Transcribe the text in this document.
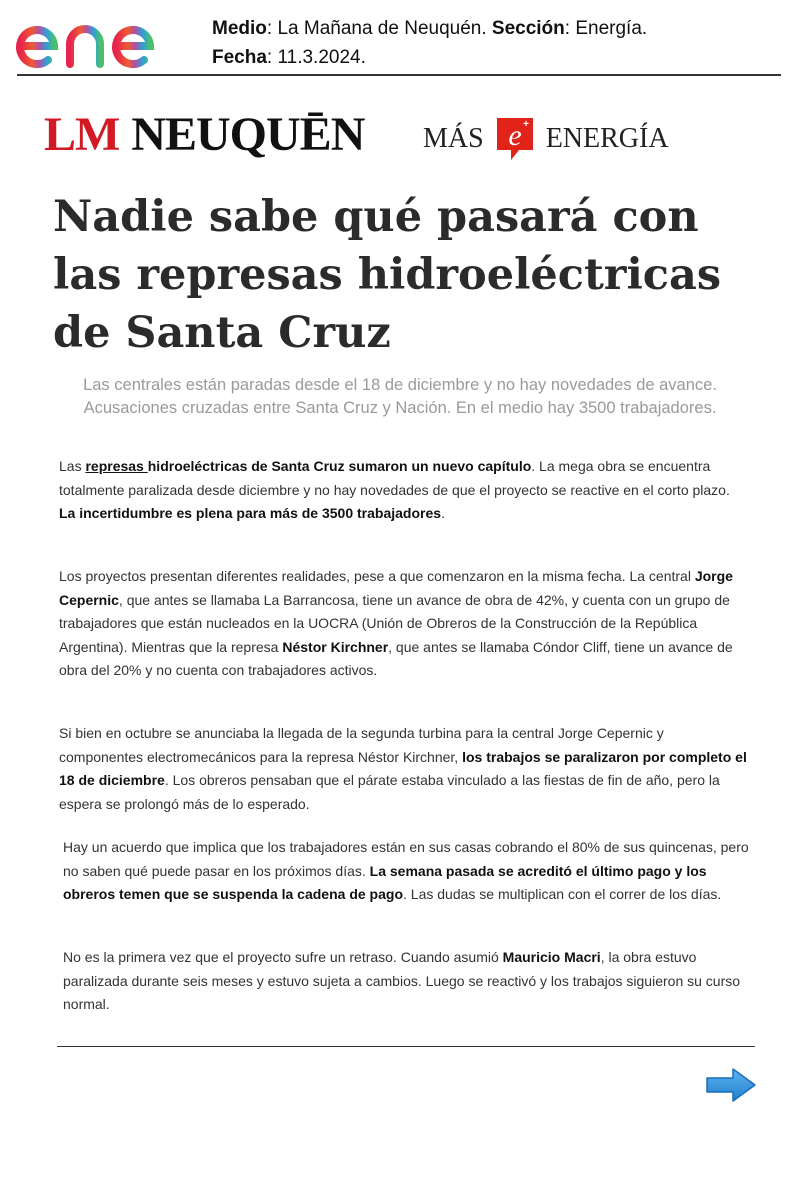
Medio: La Mañana de Neuquén. Sección: Energía.
Fecha: 11.3.2024.
LM NEUQUĒN MÁS e + ENERGÍA
Nadie sabe qué pasará con las represas hidroeléctricas de Santa Cruz

Las centrales están paradas desde el 18 de diciembre y no hay novedades de avance. Acusaciones cruzadas entre Santa Cruz y Nación. En el medio hay 3500 trabajadores.

Las represas hidroeléctricas de Santa Cruz sumaron un nuevo capítulo. La mega obra se encuentra totalmente paralizada desde diciembre y no hay novedades de que el proyecto se reactive en el corto plazo. La incertidumbre es plena para más de 3500 trabajadores.

Los proyectos presentan diferentes realidades, pese a que comenzaron en la misma fecha. La central Jorge Cepernic, que antes se llamaba La Barrancosa, tiene un avance de obra de 42%, y cuenta con un grupo de trabajadores que están nucleados en la UOCRA (Unión de Obreros de la Construcción de la República Argentina). Mientras que la represa Néstor Kirchner, que antes se llamaba Cóndor Cliff, tiene un avance de obra del 20% y no cuenta con trabajadores activos.

Si bien en octubre se anunciaba la llegada de la segunda turbina para la central Jorge Cepernic y componentes electromecánicos para la represa Néstor Kirchner, los trabajos se paralizaron por completo el 18 de diciembre. Los obreros pensaban que el párate estaba vinculado a las fiestas de fin de año, pero la espera se prolongó más de lo esperado.

Hay un acuerdo que implica que los trabajadores están en sus casas cobrando el 80% de sus quincenas, pero no saben qué puede pasar en los próximos días. La semana pasada se acreditó el último pago y los obreros temen que se suspenda la cadena de pago. Las dudas se multiplican con el correr de los días.

No es la primera vez que el proyecto sufre un retraso. Cuando asumió Mauricio Macri, la obra estuvo paralizada durante seis meses y estuvo sujeta a cambios. Luego se reactivó y los trabajos siguieron su curso normal.
